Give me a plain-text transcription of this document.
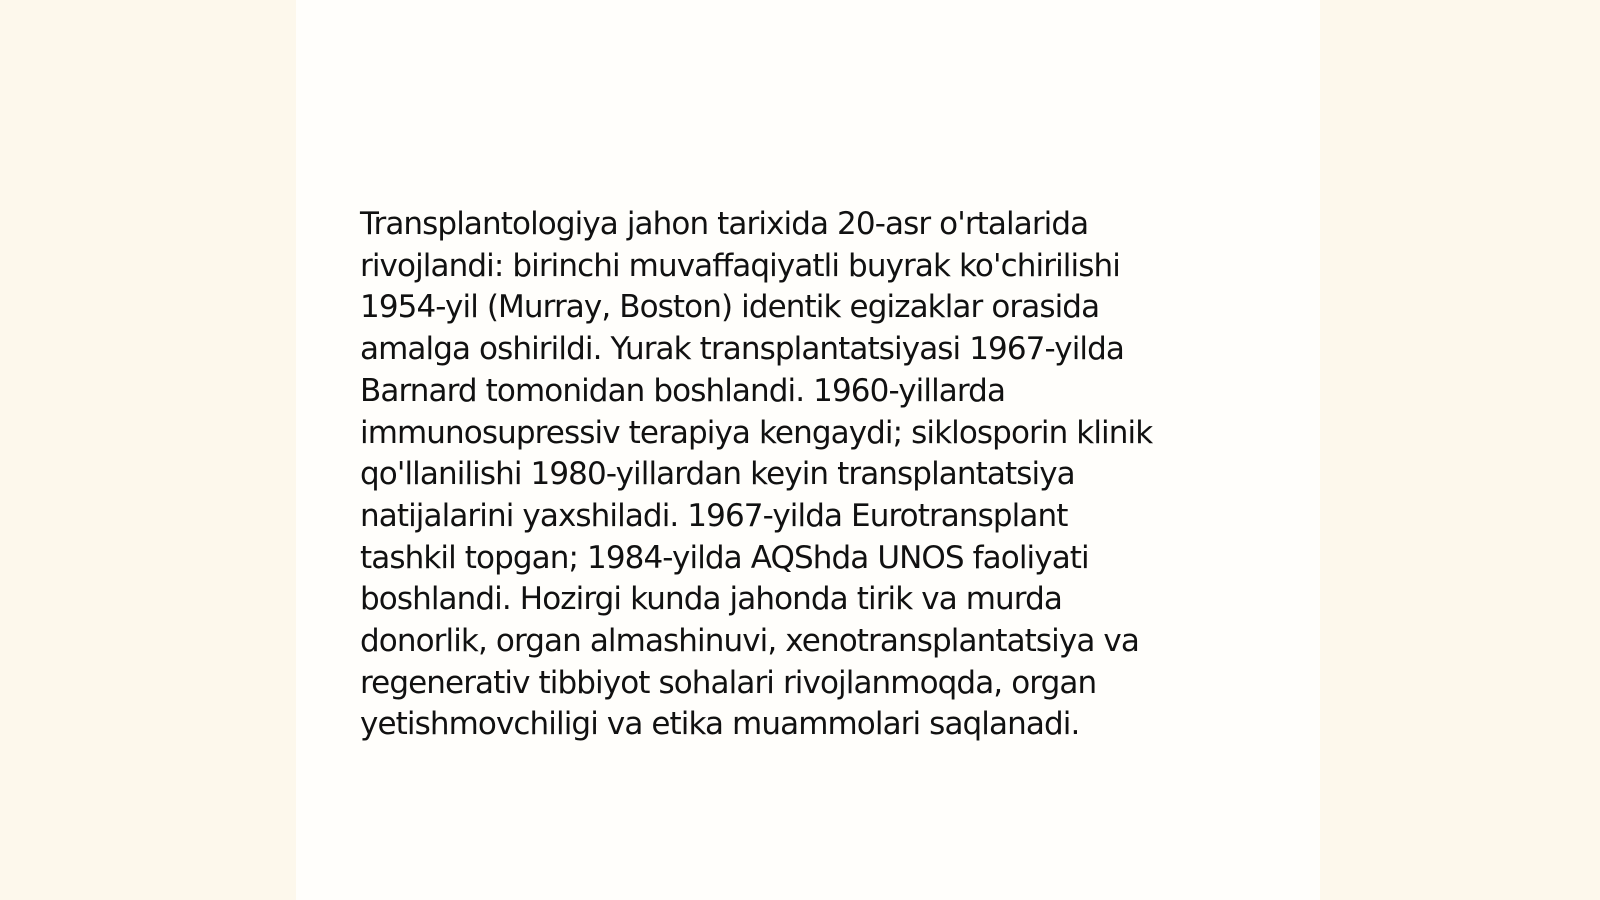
Transplantologiya jahon tarixida 20-asr o'rtalarida
rivojlandi: birinchi muvaffaqiyatli buyrak ko'chirilishi
1954-yil (Murray, Boston) identik egizaklar orasida
amalga oshirildi. Yurak transplantatsiyasi 1967-yilda
Barnard tomonidan boshlandi. 1960-yillarda
immunosupressiv terapiya kengaydi; siklosporin klinik
qo'llanilishi 1980-yillardan keyin transplantatsiya
natijalarini yaxshiladi. 1967-yilda Eurotransplant
tashkil topgan; 1984-yilda AQShda UNOS faoliyati
boshlandi. Hozirgi kunda jahonda tirik va murda
donorlik, organ almashinuvi, xenotransplantatsiya va
regenerativ tibbiyot sohalari rivojlanmoqda, organ
yetishmovchiligi va etika muammolari saqlanadi.
